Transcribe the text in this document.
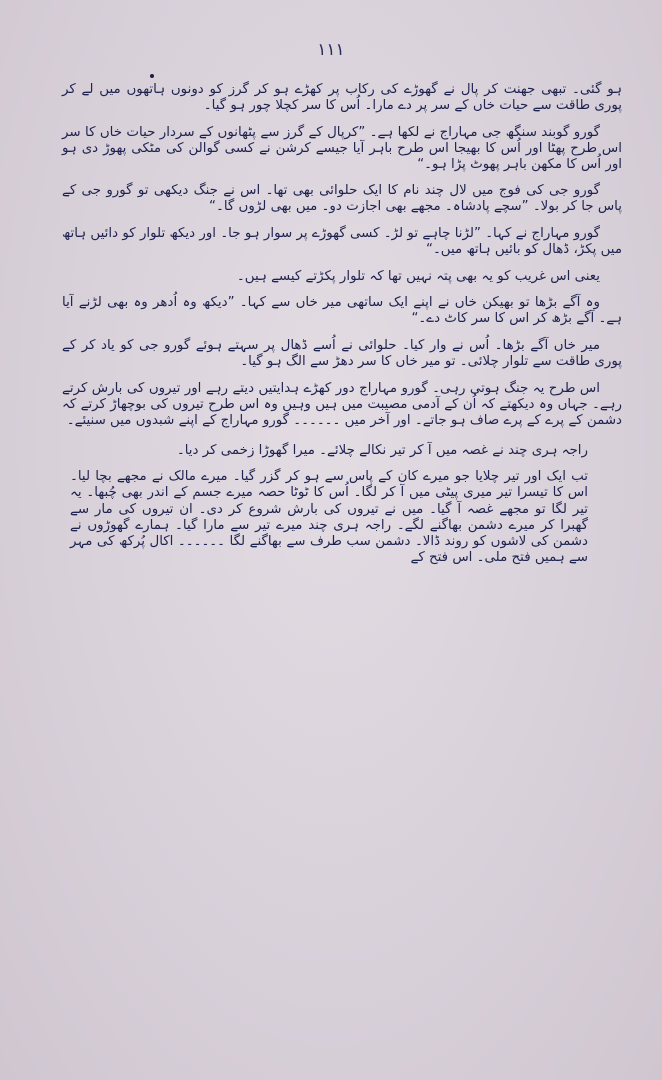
۱۱۱

ہو گئی۔ تبھی جھنت کر پال نے گھوڑے کی رکاب پر کھڑے ہو کر گرز کو دونوں ہاتھوں میں لے کر پوری طاقت سے حیات خاں کے سر پر دے مارا۔ اُس کا سر کچلا چور ہو گیا۔

گورو گوبند سنگھ جی مہاراج نے لکھا ہے۔ ”کرپال کے گرز سے پٹھانوں کے سردار حیات خاں کا سر اس طرح پھٹا اور اُس کا بھیجا اس طرح باہر آیا جیسے کرشن نے کسی گوالن کی مٹکی پھوڑ دی ہو اور اُس کا مکھن باہر پھوٹ پڑا ہو۔“

گورو جی کی فوج میں لال چند نام کا ایک حلوائی بھی تھا۔ اس نے جنگ دیکھی تو گورو جی کے پاس جا کر بولا۔ ”سچے پادشاہ۔ مجھے بھی اجازت دو۔ میں بھی لڑوں گا۔“

گورو مہاراج نے کہا۔ ”لڑنا چاہے تو لڑ۔ کسی گھوڑے پر سوار ہو جا۔ اور دیکھ تلوار کو دائیں ہاتھ میں پکڑ، ڈھال کو بائیں ہاتھ میں۔“

یعنی اس غریب کو یہ بھی پتہ نہیں تھا کہ تلوار پکڑتے کیسے ہیں۔

وہ آگے بڑھا تو بھیکن خاں نے اپنے ایک ساتھی میر خاں سے کہا۔ ”دیکھ وہ اُدھر وہ بھی لڑنے آیا ہے۔ آگے بڑھ کر اس کا سر کاٹ دے۔“

میر خاں آگے بڑھا۔ اُس نے وار کیا۔ حلوائی نے اُسے ڈھال پر سہتے ہوئے گورو جی کو یاد کر کے پوری طاقت سے تلوار چلائی۔ تو میر خاں کا سر دھڑ سے الگ ہو گیا۔

اس طرح یہ جنگ ہوتی رہی۔ گورو مہاراج دور کھڑے ہدایتیں دیتے رہے اور تیروں کی بارش کرتے رہے۔ جہاں وہ دیکھتے کہ اُن کے آدمی مصیبت میں ہیں وہیں وہ اس طرح تیروں کی بوچھاڑ کرتے کہ دشمن کے پرے کے پرے صاف ہو جاتے۔ اور آخر میں ۔۔۔۔۔۔ گورو مہاراج کے اپنے شبدوں میں سنیئے۔

راجہ ہری چند نے غصہ میں آ کر تیر نکالے چلائے۔ میرا گھوڑا زخمی کر دیا۔

تب ایک اور تیر چلایا جو میرے کان کے پاس سے ہو کر گزر گیا۔ میرے مالک نے مجھے بچا لیا۔ اس کا تیسرا تیر میری پیٹی میں آ کر لگا۔ اُس کا ٹوٹا حصہ میرے جسم کے اندر بھی چُبھا۔ یہ تیر لگا تو مجھے غصہ آ گیا۔ میں نے تیروں کی بارش شروع کر دی۔ ان تیروں کی مار سے گھبرا کر میرے دشمن بھاگنے لگے۔ راجہ ہری چند میرے تیر سے مارا گیا۔ ہمارے گھوڑوں نے دشمن کی لاشوں کو روند ڈالا۔ دشمن سب طرف سے بھاگنے لگا ۔۔۔۔۔۔ اکال پُرکھ کی مہر سے ہمیں فتح ملی۔ اس فتح کے
